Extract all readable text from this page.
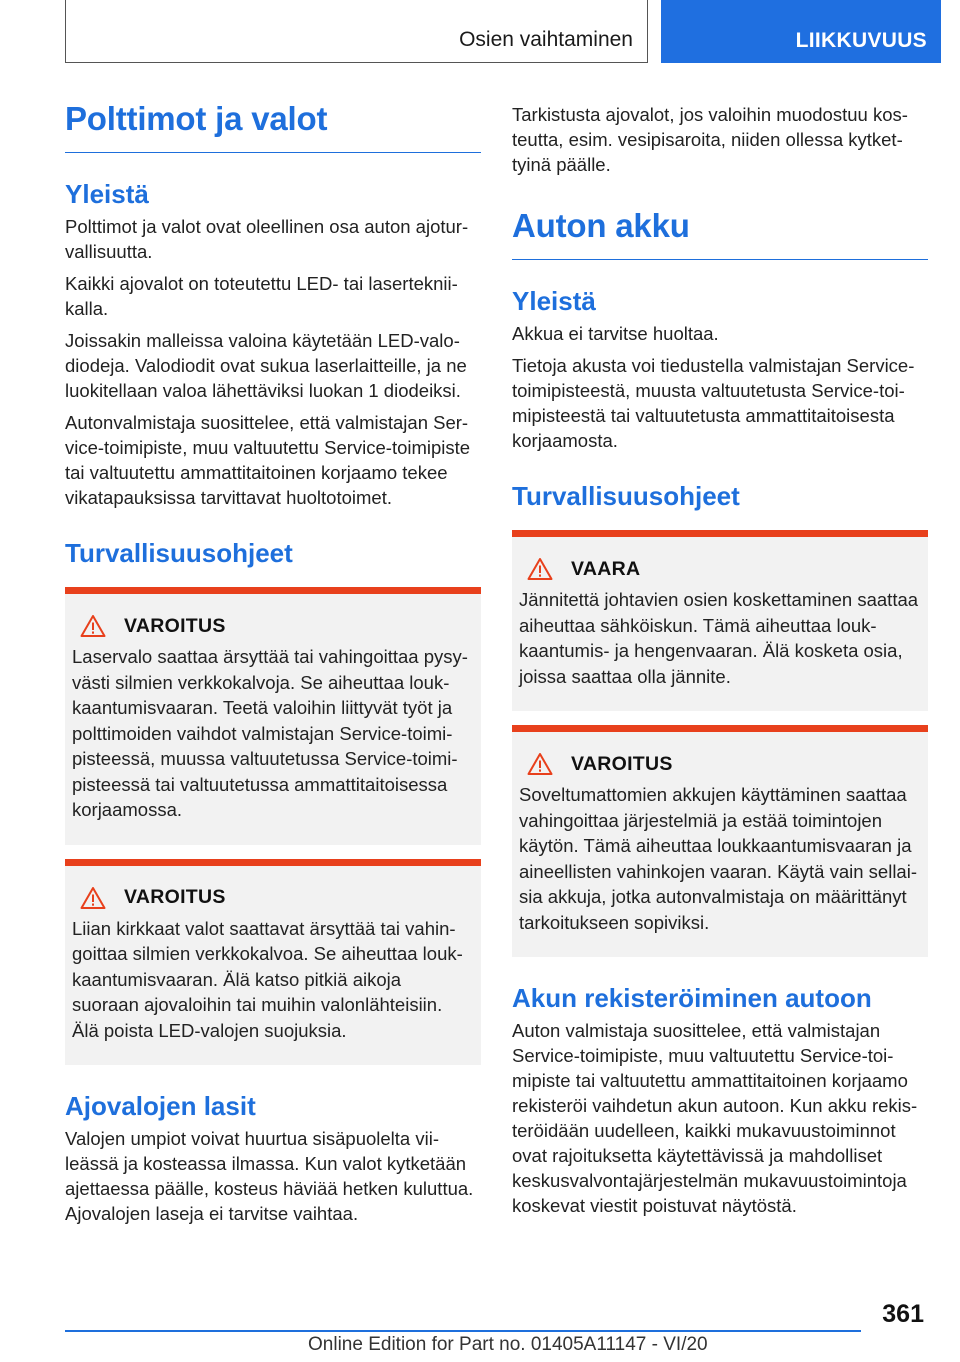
Osien vaihtaminen	LIIKKUVUUS
Polttimot ja valot
Yleistä

Polttimot ja valot ovat oleellinen osa auton ajoturvallisuutta.

Kaikki ajovalot on toteutettu LED- tai lasertekniikalla.

Joissakin malleissa valoina käytetään LED-valodiodeja. Valodiodit ovat sukua laserlaitteille, ja ne luokitellaan valoa lähettäviksi luokan 1 diodeiksi.

Autonvalmistaja suosittelee, että valmistajan Service-toimipiste, muu valtuutettu Service-toimipiste tai valtuutettu ammattitaitoinen korjaamo tekee vikatapauksissa tarvittavat huoltotoimet.

Turvallisuusohjeet
VAROITUS

Laservalo saattaa ärsyttää tai vahingoittaa pysyvästi silmien verkkokalvoja. Se aiheuttaa loukkaantumisvaaran. Teetä valoihin liittyvät työt ja polttimoiden vaihdot valmistajan Service-toimipisteessä, muussa valtuutetussa Service-toimipisteessä tai valtuutetussa ammattitaitoisessa korjaamossa.

VAROITUS

Liian kirkkaat valot saattavat ärsyttää tai vahingoittaa silmien verkkokalvoa. Se aiheuttaa loukkaantumisvaaran. Älä katso pitkiä aikoja suoraan ajovaloihin tai muihin valonlähteisiin. Älä poista LED-valojen suojuksia.

Ajovalojen lasit

Valojen umpiot voivat huurtua sisäpuolelta viileässä ja kosteassa ilmassa. Kun valot kytketään ajettaessa päälle, kosteus häviää hetken kuluttua. Ajovalojen laseja ei tarvitse vaihtaa.

Tarkistusta ajovalot, jos valoihin muodostuu kosteutta, esim. vesipisaroita, niiden ollessa kytkettyinä päälle.

Auton akku
Yleistä

Akkua ei tarvitse huoltaa.

Tietoja akusta voi tiedustella valmistajan Service-toimipisteestä, muusta valtuutetusta Service-toimipisteestä tai valtuutetusta ammattitaitoisesta korjaamosta.

Turvallisuusohjeet
VAARA

Jännitettä johtavien osien koskettaminen saattaa aiheuttaa sähköiskun. Tämä aiheuttaa loukkaantumis- ja hengenvaaran. Älä kosketa osia, joissa saattaa olla jännite.

VAROITUS

Soveltumattomien akkujen käyttäminen saattaa vahingoittaa järjestelmiä ja estää toimintojen käytön. Tämä aiheuttaa loukkaantumisvaaran ja aineellisten vahinkojen vaaran. Käytä vain sellaisia akkuja, jotka autonvalmistaja on määrittänyt tarkoitukseen sopiviksi.

Akun rekisteröiminen autoon

Auton valmistaja suosittelee, että valmistajan Service-toimipiste, muu valtuutettu Service-toimipiste tai valtuutettu ammattitaitoinen korjaamo rekisteröi vaihdetun akun autoon. Kun akku rekisteröidään uudelleen, kaikki mukavuustoiminnot ovat rajoituksetta käytettävissä ja mahdolliset keskusvalvontajärjestelmän mukavuustoimintoja koskevat viestit poistuvat näytöstä.

361
Online Edition for Part no. 01405A11147 - VI/20
